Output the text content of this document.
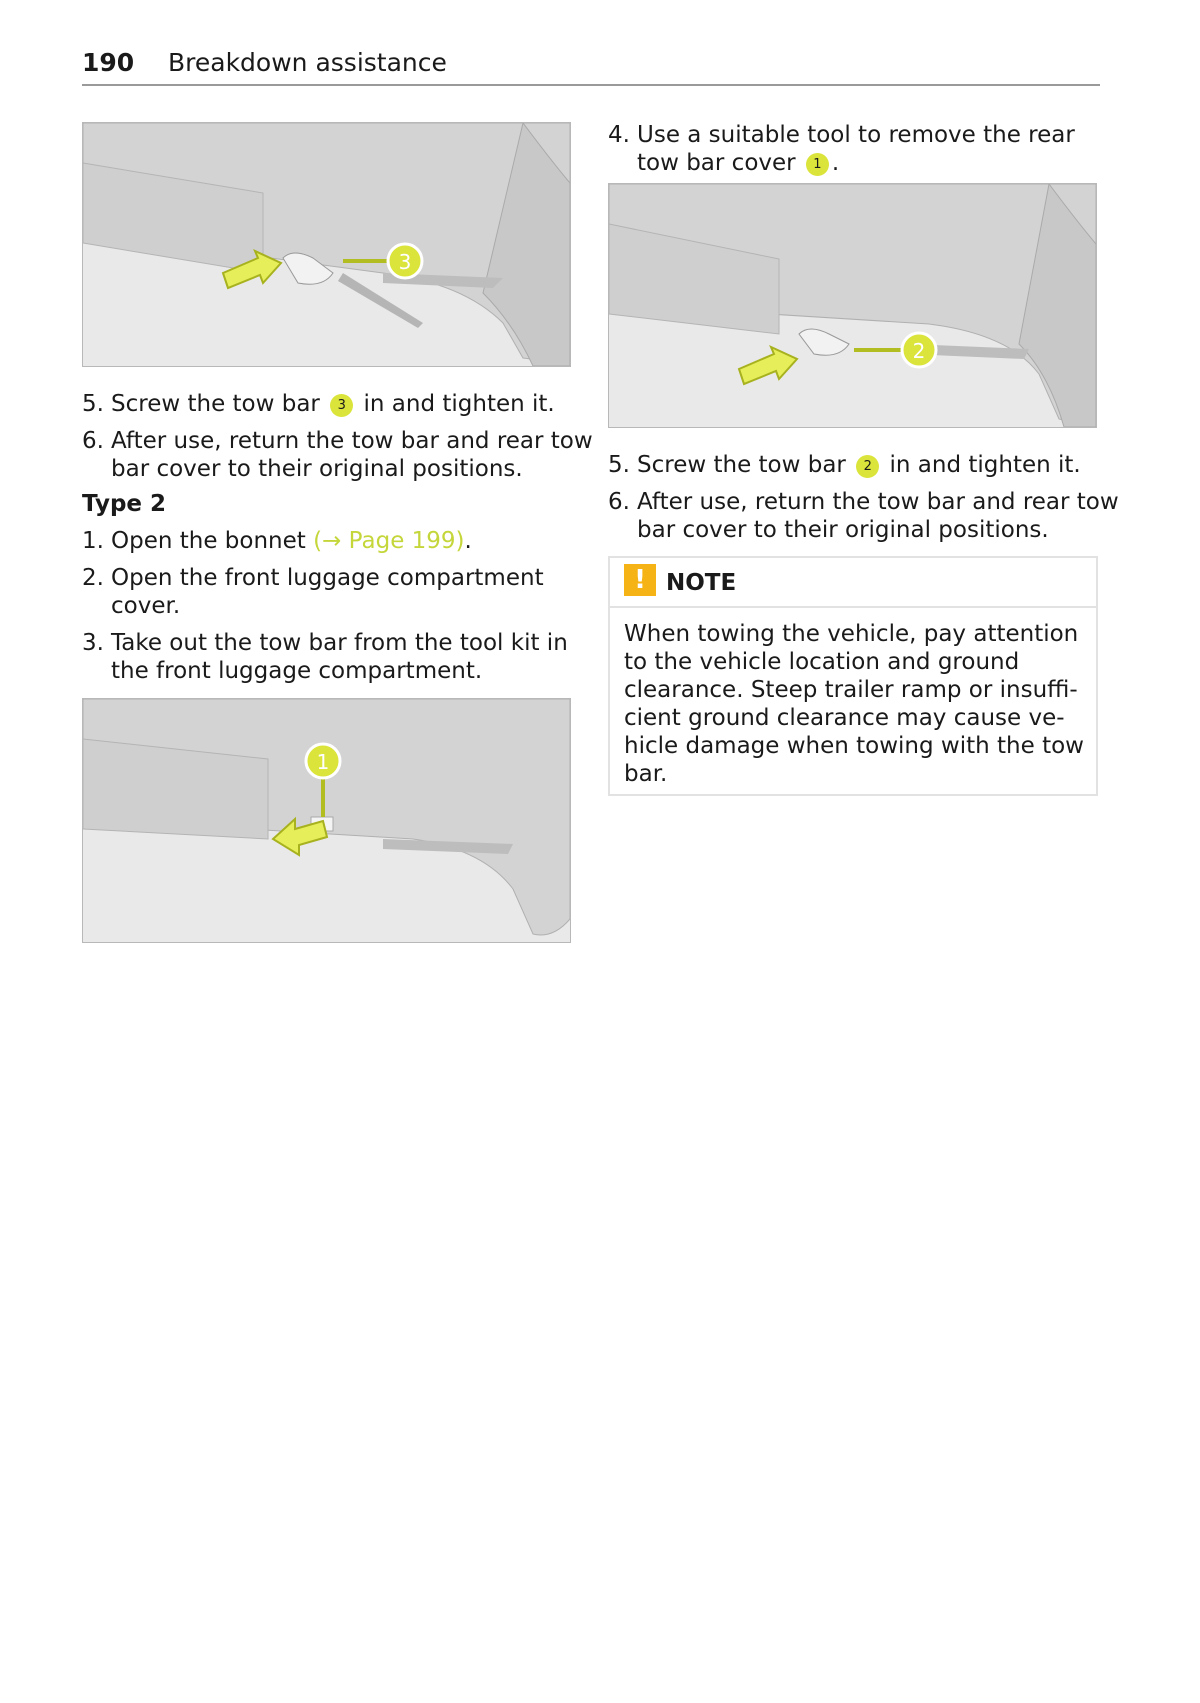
190 Breakdown assistance
3
5. Screw the tow bar 3 in and tighten it.
6. After use, return the tow bar and rear tow bar cover to their original positions.
Type 2
1. Open the bonnet (→ Page 199).
2. Open the front luggage compartment cover.
3. Take out the tow bar from the tool kit in the front luggage compartment.
1
4. Use a suitable tool to remove the rear tow bar cover 1 .
2
5. Screw the tow bar 2 in and tighten it.
6. After use, return the tow bar and rear tow bar cover to their original positions.
! NOTE
When towing the vehicle, pay attention to the vehicle location and ground clearance. Steep trailer ramp or insuffi- cient ground clearance may cause ve- hicle damage when towing with the tow bar.
